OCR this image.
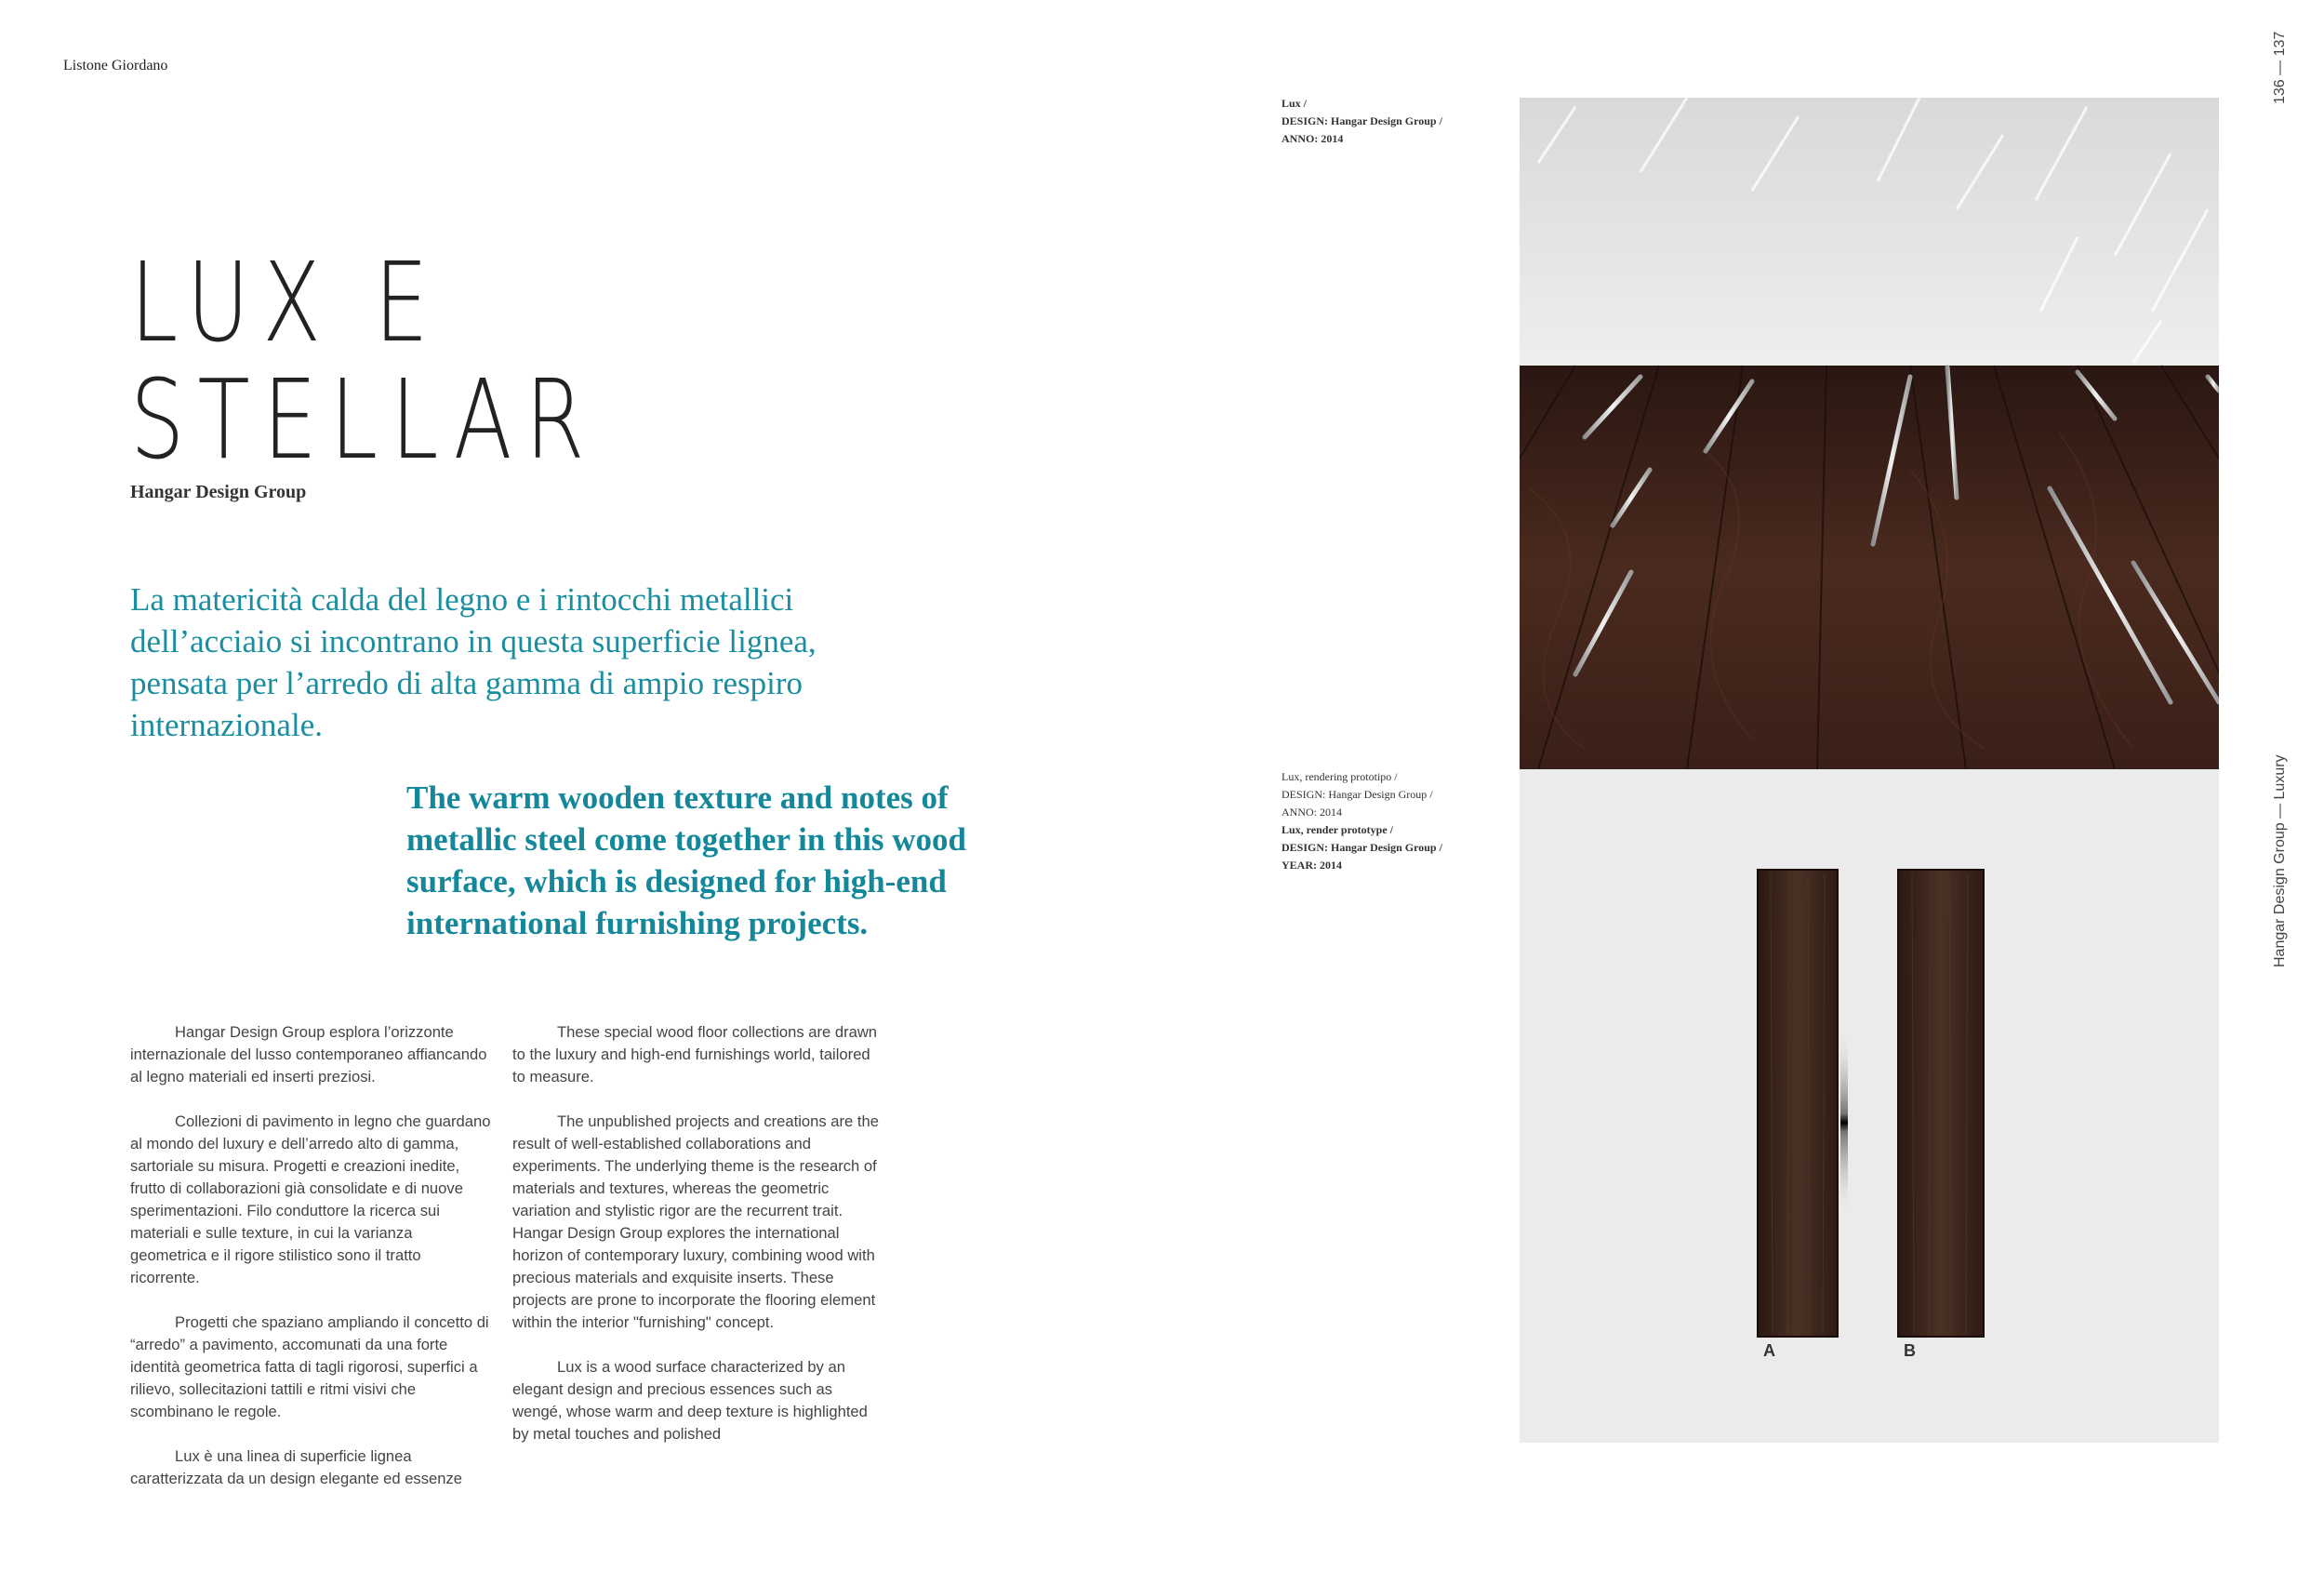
Listone Giordano	136 — 137
Hangar Design Group — Luxury
LUX E
STELLAR
Hangar Design Group
La matericità calda del legno e i rintocchi metallici dell’acciaio si incontrano in questa superficie lignea, pensata per l’arredo di alta gamma di ampio respiro internazionale.
The warm wooden texture and notes of metallic steel come together in this wood surface, which is designed for high-end international furnishing projects.

Hangar Design Group esplora l’orizzonte internazionale del lusso contemporaneo affiancando al legno materiali ed inserti preziosi.

Collezioni di pavimento in legno che guardano al mondo del luxury e dell’arredo alto di gamma, sartoriale su misura. Progetti e creazioni inedite, frutto di collaborazioni già consolidate e di nuove sperimentazioni. Filo conduttore la ricerca sui materiali e sulle texture, in cui la varianza geometrica e il rigore stilistico sono il tratto ricorrente.

Progetti che spaziano ampliando il concetto di “arredo” a pavimento, accomunati da una forte identità geometrica fatta di tagli rigorosi, superfici a rilievo, sollecitazioni tattili e ritmi visivi che scombinano le regole.

Lux è una linea di superficie lignea caratterizzata da un design elegante ed essenze

These special wood floor collections are drawn to the luxury and high-end furnishings world, tailored to measure.

The unpublished projects and creations are the result of well-established collaborations and experiments. The underlying theme is the research of materials and textures, whereas the geometric variation and stylistic rigor are the recurrent trait. Hangar Design Group explores the international horizon of contemporary luxury, combining wood with precious materials and exquisite inserts. These projects are prone to incorporate the flooring element within the interior "furnishing" concept.

Lux is a wood surface characterized by an elegant design and precious essences such as wengé, whose warm and deep texture is highlighted by metal touches and polished

Lux /
DESIGN: Hangar Design Group /
ANNO: 2014
Lux, rendering prototipo /
DESIGN: Hangar Design Group /
ANNO: 2014
Lux, render prototype /
DESIGN: Hangar Design Group /
YEAR: 2014
A	B
